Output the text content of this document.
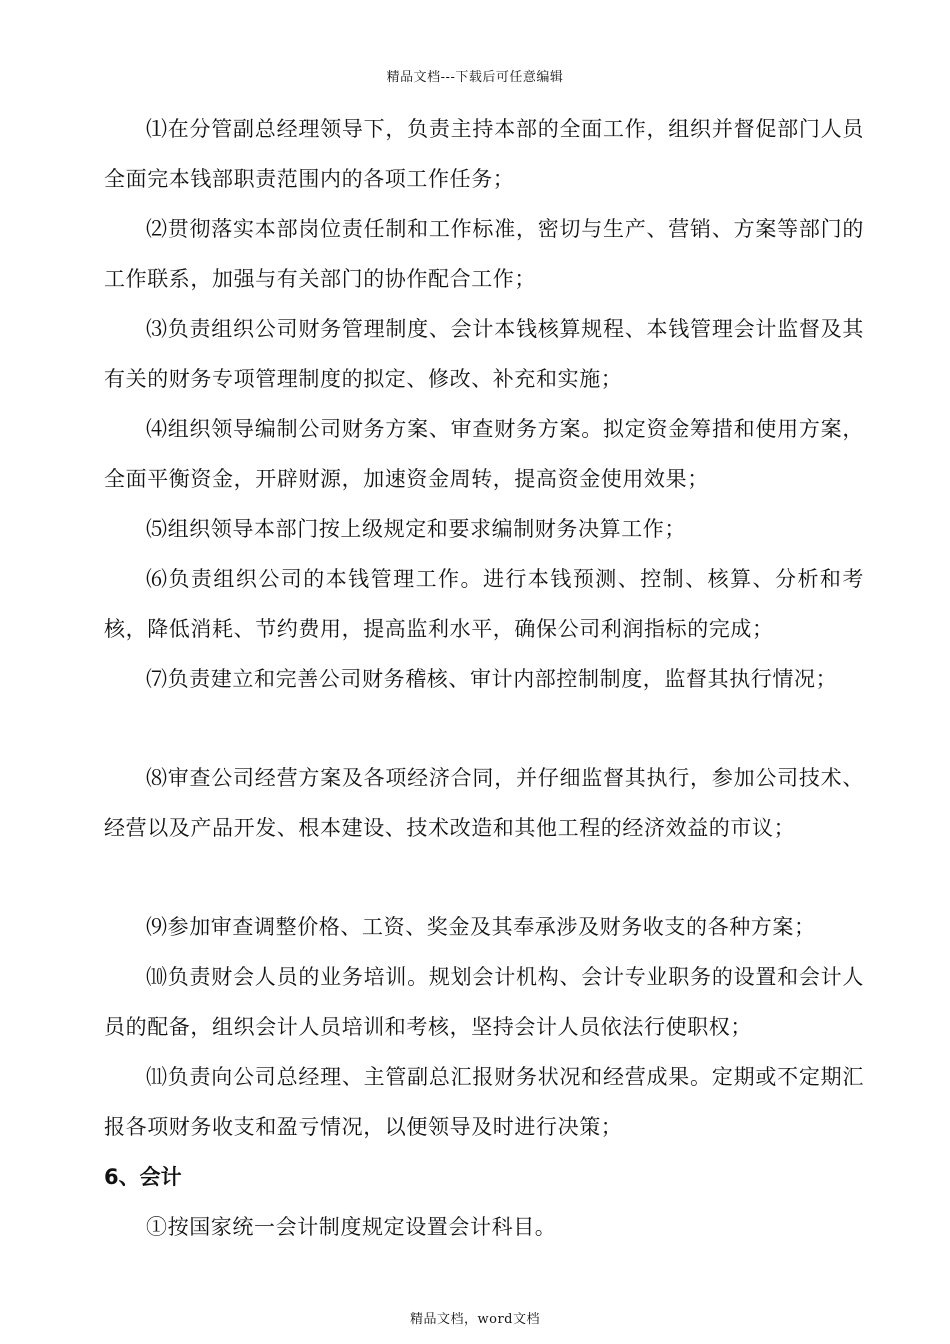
精品文档---下载后可任意编辑

⑴在分管副总经理领导下，负责主持本部的全面工作，组织并督促部门人员全面完本钱部职责范围内的各项工作任务；

⑵贯彻落实本部岗位责任制和工作标准，密切与生产、营销、方案等部门的工作联系，加强与有关部门的协作配合工作；

⑶负责组织公司财务管理制度、会计本钱核算规程、本钱管理会计监督及其有关的财务专项管理制度的拟定、修改、补充和实施；

⑷组织领导编制公司财务方案、审查财务方案。拟定资金筹措和使用方案，全面平衡资金，开辟财源，加速资金周转，提高资金使用效果；

⑸组织领导本部门按上级规定和要求编制财务决算工作；

⑹负责组织公司的本钱管理工作。进行本钱预测、控制、核算、分析和考核，降低消耗、节约费用，提高监利水平，确保公司利润指标的完成；

⑺负责建立和完善公司财务稽核、审计内部控制制度，监督其执行情况；

⑻审查公司经营方案及各项经济合同，并仔细监督其执行，参加公司技术、经营以及产品开发、根本建设、技术改造和其他工程的经济效益的市议；

⑼参加审查调整价格、工资、奖金及其奉承涉及财务收支的各种方案；

⑽负责财会人员的业务培训。规划会计机构、会计专业职务的设置和会计人员的配备，组织会计人员培训和考核，坚持会计人员依法行使职权；

⑾负责向公司总经理、主管副总汇报财务状况和经营成果。定期或不定期汇报各项财务收支和盈亏情况，以便领导及时进行决策；

6、会计

①按国家统一会计制度规定设置会计科目。

精品文档，word文档
